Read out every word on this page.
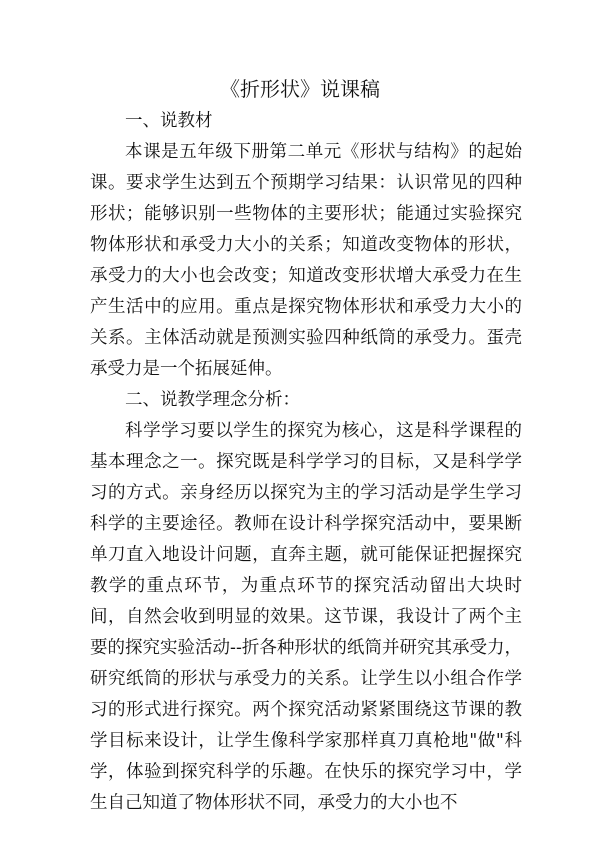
《折形状》说课稿

一、说教材

本课是五年级下册第二单元《形状与结构》的起始课。要求学生达到五个预期学习结果：认识常见的四种形状；能够识别一些物体的主要形状；能通过实验探究物体形状和承受力大小的关系；知道改变物体的形状，承受力的大小也会改变；知道改变形状增大承受力在生产生活中的应用。重点是探究物体形状和承受力大小的关系。主体活动就是预测实验四种纸筒的承受力。蛋壳承受力是一个拓展延伸。

二、说教学理念分析：

科学学习要以学生的探究为核心，这是科学课程的基本理念之一。探究既是科学学习的目标，又是科学学习的方式。亲身经历以探究为主的学习活动是学生学习科学的主要途径。教师在设计科学探究活动中，要果断单刀直入地设计问题，直奔主题，就可能保证把握探究教学的重点环节，为重点环节的探究活动留出大块时间，自然会收到明显的效果。这节课，我设计了两个主要的探究实验活动--折各种形状的纸筒并研究其承受力，研究纸筒的形状与承受力的关系。让学生以小组合作学习的形式进行探究。两个探究活动紧紧围绕这节课的教学目标来设计，让学生像科学家那样真刀真枪地"做"科学，体验到探究科学的乐趣。在快乐的探究学习中，学生自己知道了物体形状不同，承受力的大小也不
